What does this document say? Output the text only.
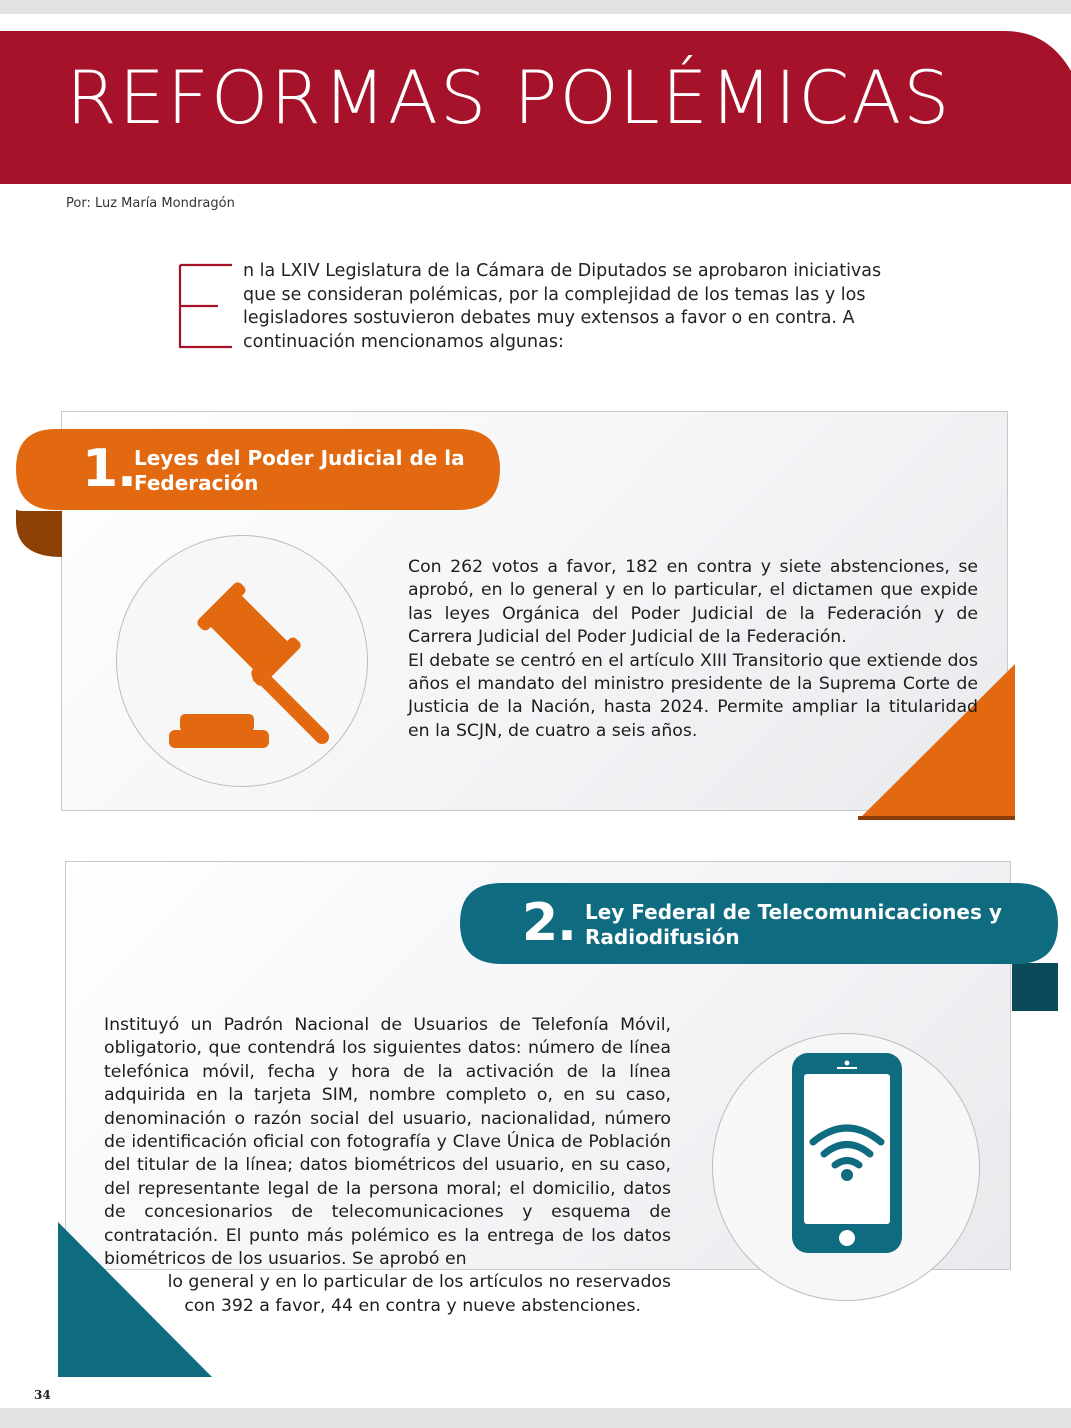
REFORMAS POLÉMICAS
Por: Luz María Mondragón
n la LXIV Legislatura de la Cámara de Diputados se aprobaron iniciativas que se consideran polémicas, por la complejidad de los temas las y los legisladores sostuvieron debates muy extensos a favor o en contra. A continuación mencionamos algunas:
1.
Leyes del Poder Judicial de la
Federación

Con 262 votos a favor, 182 en contra y siete abstenciones, se aprobó, en lo general y en lo particular, el dictamen que expide las leyes Orgánica del Poder Judicial de la Federación y de Carrera Judicial del Poder Judicial de la Federación.

El debate se centró en el artículo XIII Transitorio que extiende dos años el mandato del ministro presidente de la Suprema Corte de Justicia de la Nación, hasta 2024. Permite ampliar la titularidad en la SCJN, de cuatro a seis años.

2. Ley Federal de Telecomunicaciones y
Radiodifusión

Instituyó un Padrón Nacional de Usuarios de Telefonía Móvil, obligatorio, que contendrá los siguientes datos: número de línea telefónica móvil, fecha y hora de la activación de la línea adquirida en la tarjeta SIM, nombre completo o, en su caso, denominación o razón social del usuario, nacionalidad, número de identificación oficial con fotografía y Clave Única de Población del titular de la línea; datos biométricos del usuario, en su caso, del representante legal de la persona moral; el domicilio, datos de concesionarios de telecomunicaciones y esquema de contratación. El punto más polémico es la entrega de los datos biométricos de los usuarios. Se aprobó en

lo general y en lo particular de los artículos no reservados

con 392 a favor, 44 en contra y nueve abstenciones.

34
